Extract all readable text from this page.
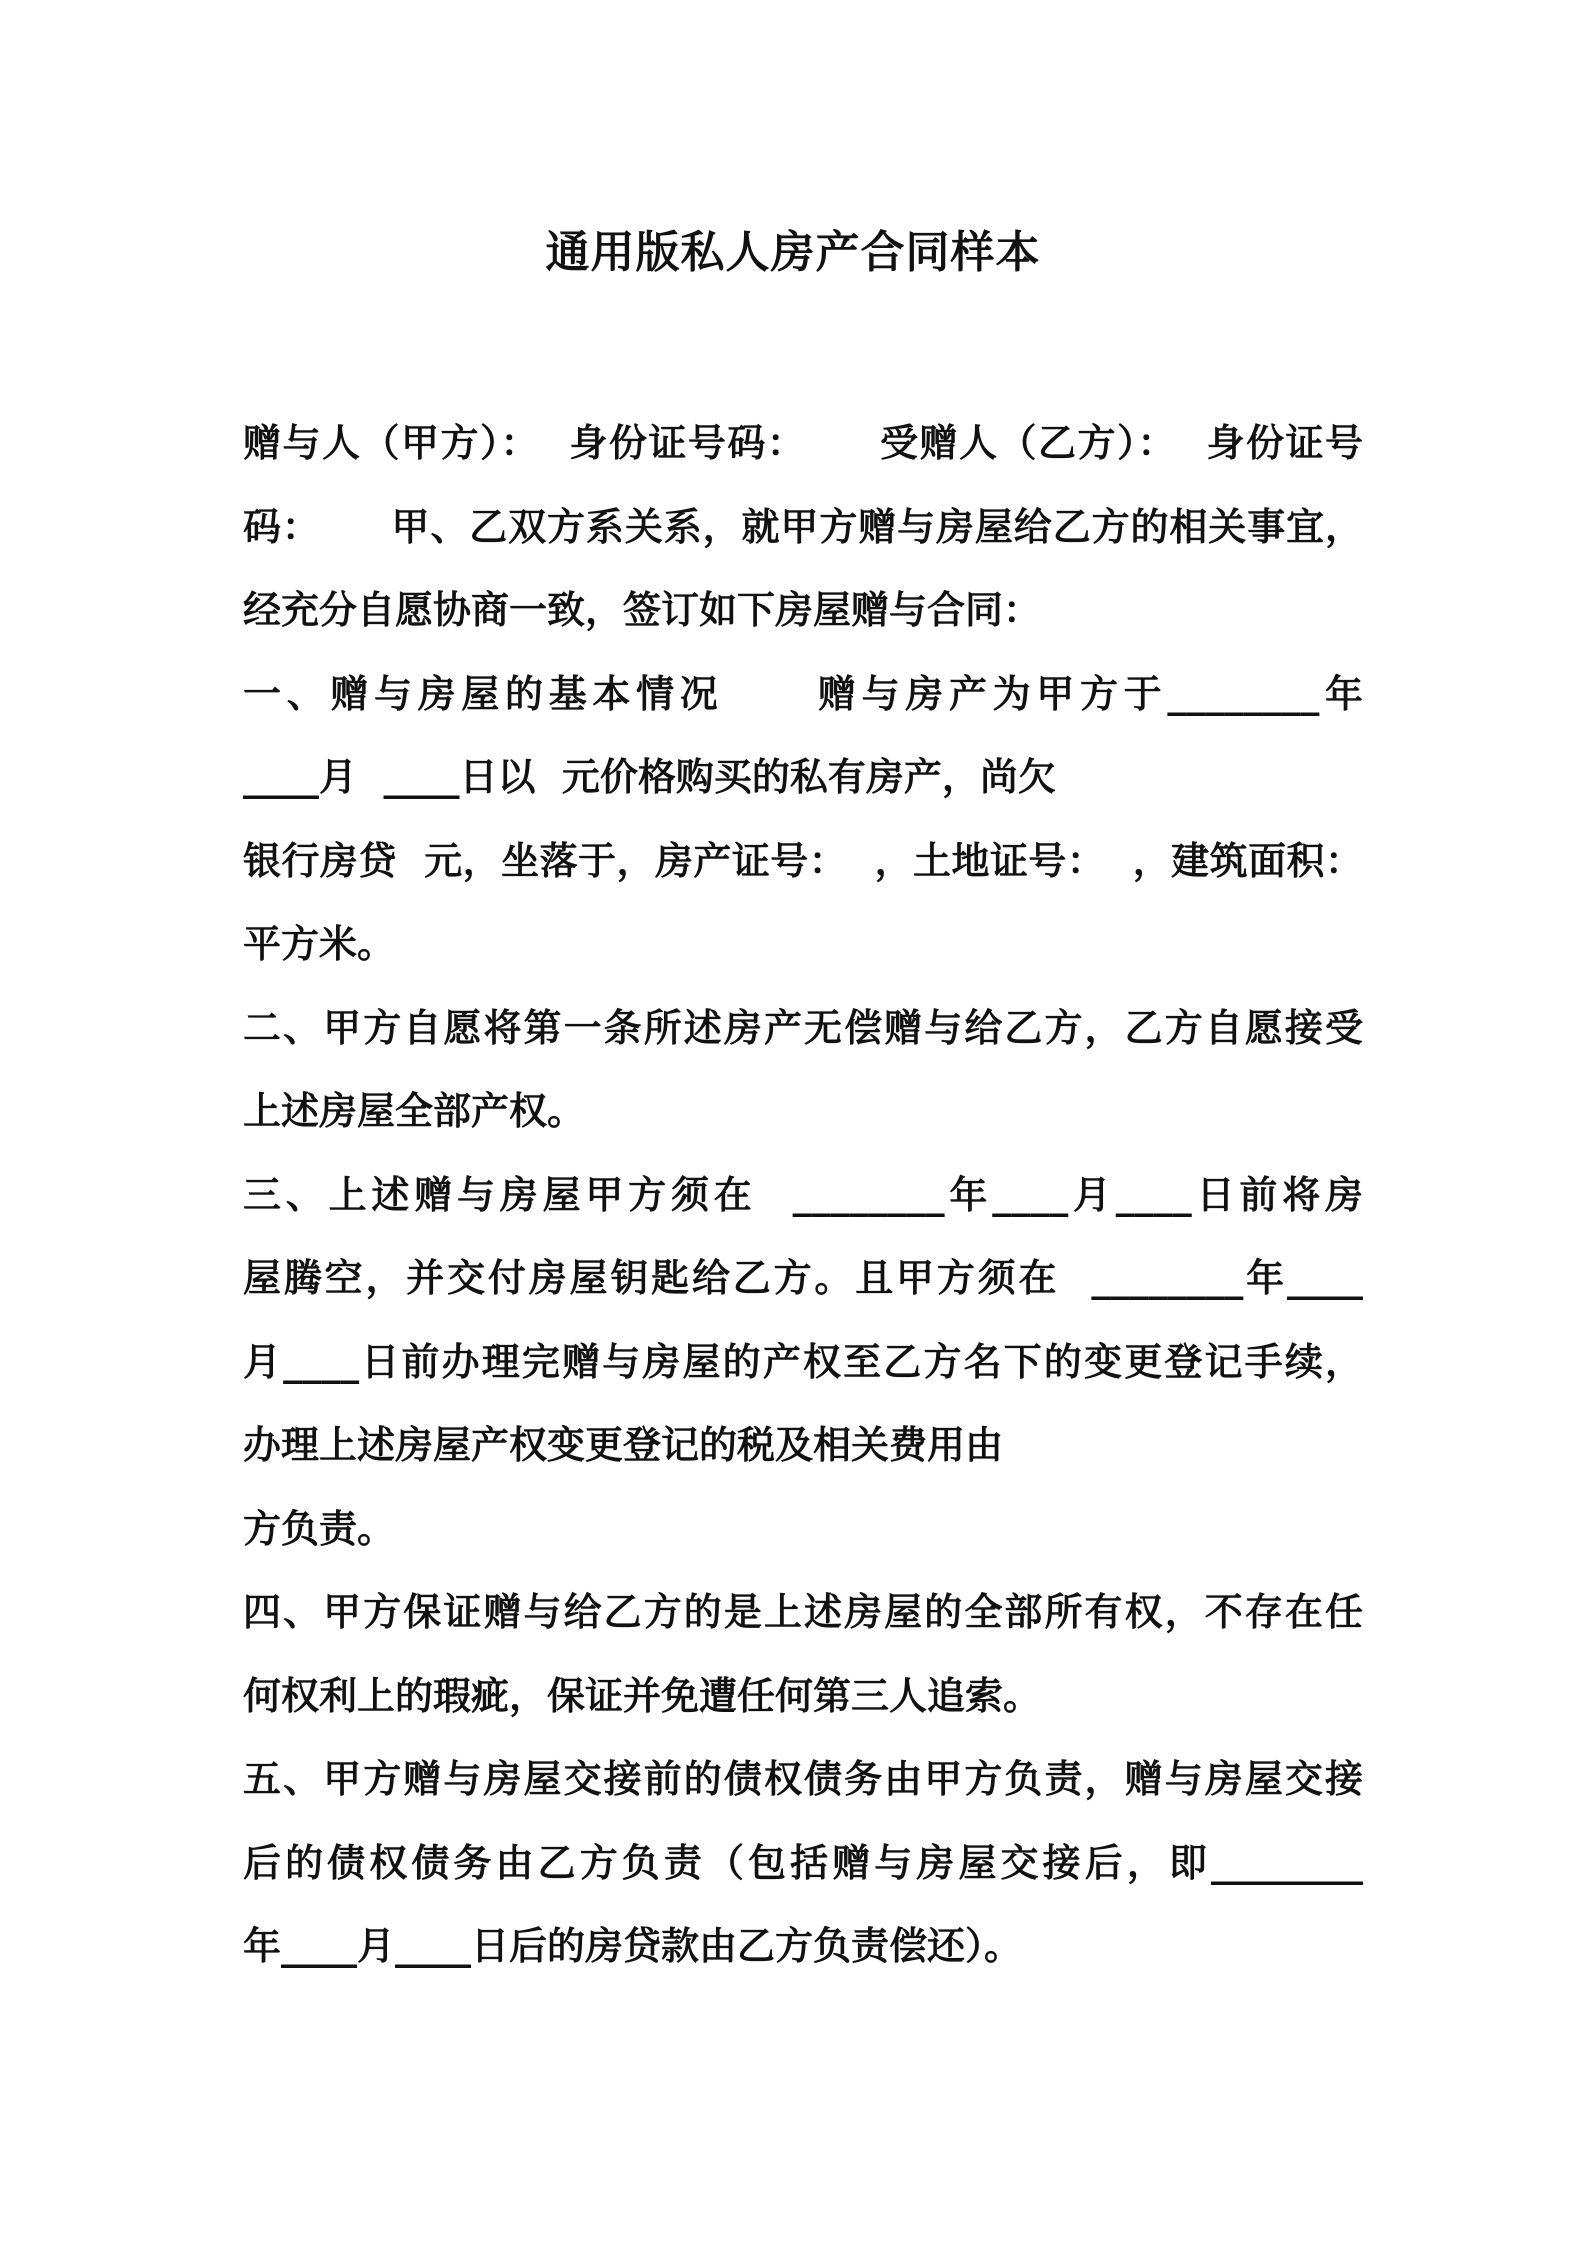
通用版私人房产合同样本
赠与人（甲方）：  身份证号码：     受赠人（乙方）：  身份证号
码：     甲、乙双方系关系，就甲方赠与房屋给乙方的相关事宜，
经充分自愿协商一致，签订如下房屋赠与合同：
一、赠与房屋的基本情况     赠与房产为甲方于________年
____月  ____日以  元价格购买的私有房产，尚欠
银行房贷  元，坐落于，房产证号：  ，土地证号：  ，建筑面积：
平方米。
二、甲方自愿将第一条所述房产无偿赠与给乙方，乙方自愿接受
上述房屋全部产权。
三、上述赠与房屋甲方须在  ________年____月____日前将房
屋腾空，并交付房屋钥匙给乙方。且甲方须在  ________年____
月____日前办理完赠与房屋的产权至乙方名下的变更登记手续，
办理上述房屋产权变更登记的税及相关费用由
方负责。
四、甲方保证赠与给乙方的是上述房屋的全部所有权，不存在任
何权利上的瑕疵，保证并免遭任何第三人追索。
五、甲方赠与房屋交接前的债权债务由甲方负责，赠与房屋交接
后的债权债务由乙方负责（包括赠与房屋交接后，即________
年____月____日后的房贷款由乙方负责偿还）。
